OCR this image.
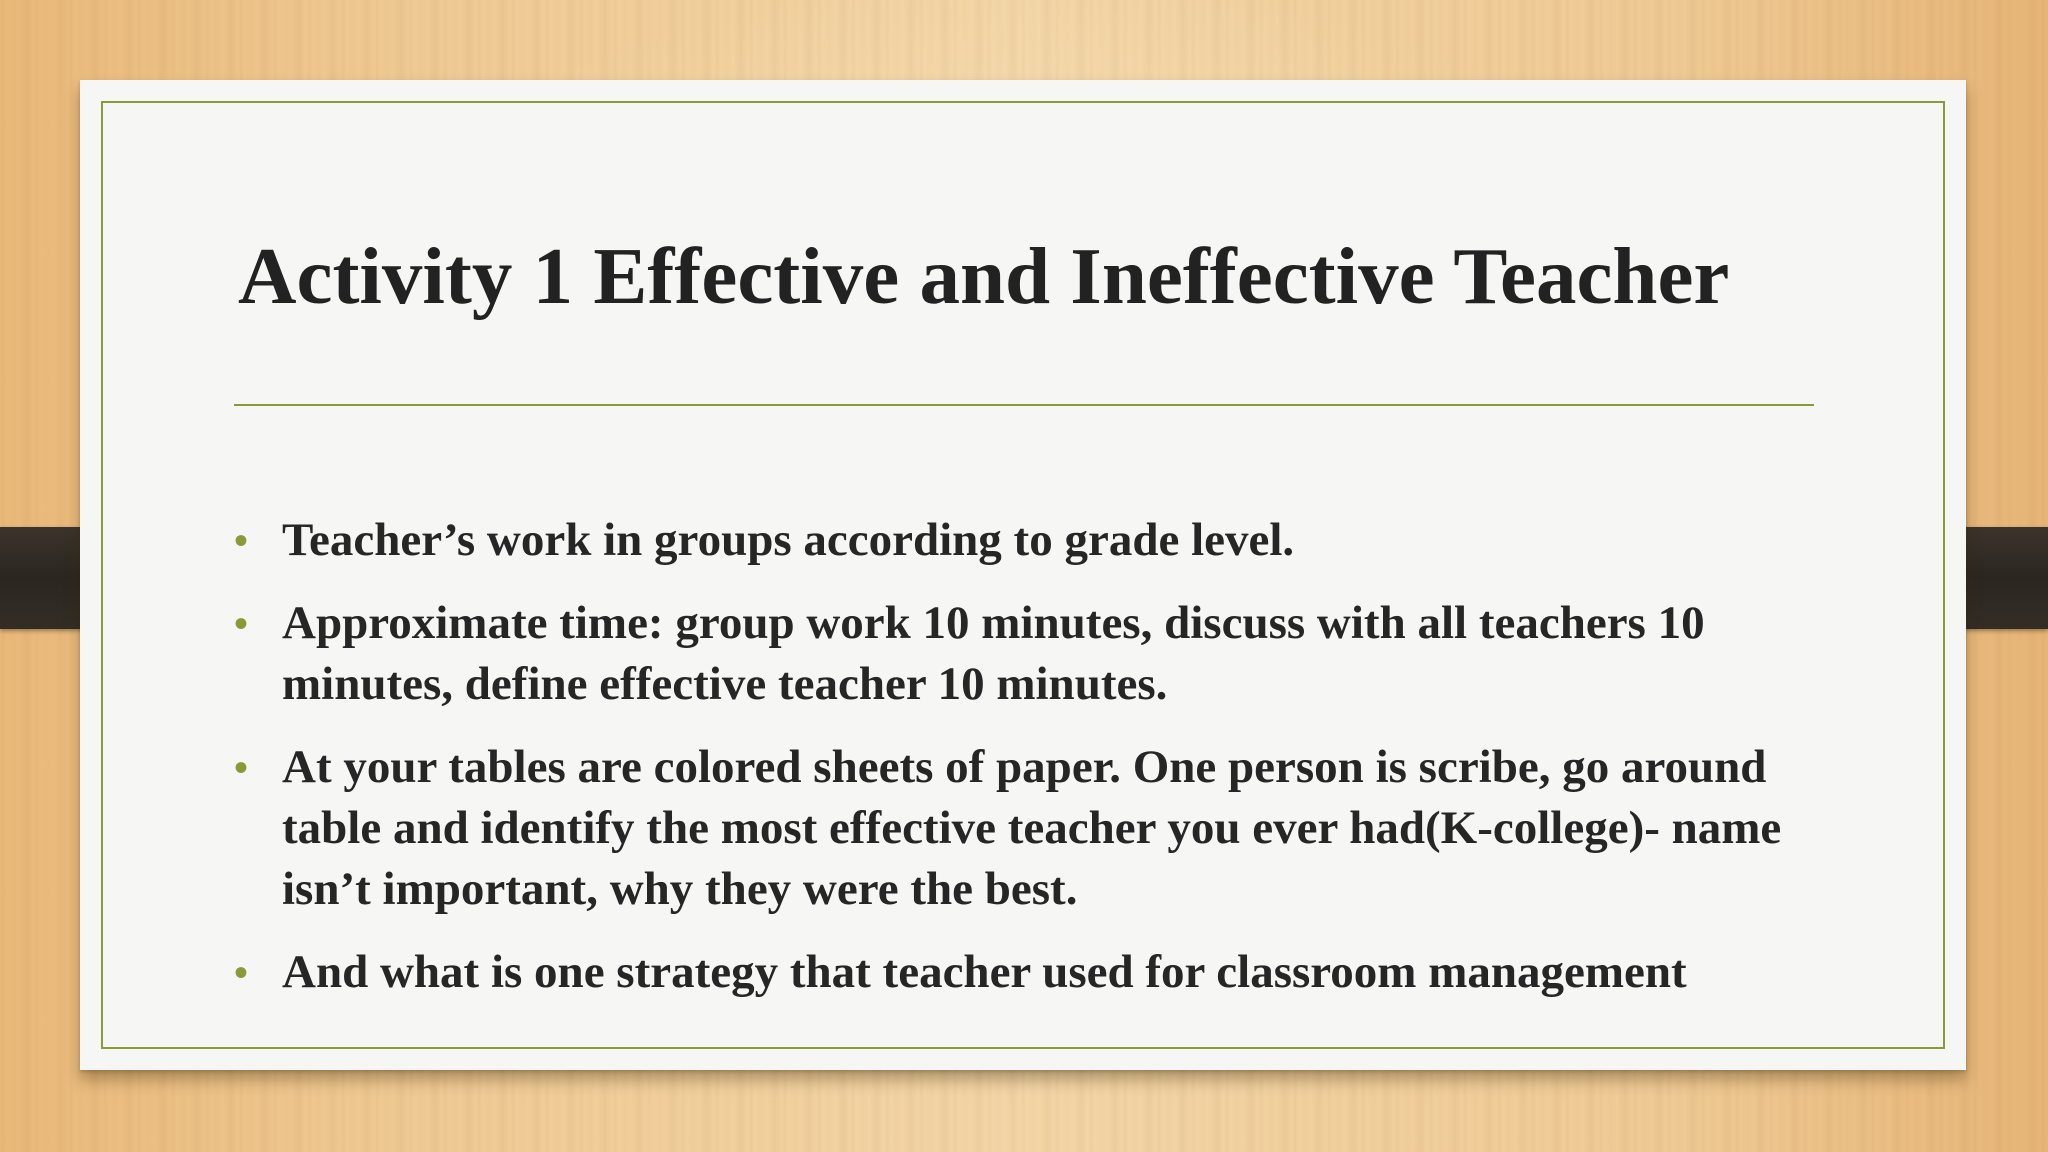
Activity 1 Effective and Ineffective Teacher
• Teacher’s work in groups according to grade level.
• Approximate time: group work 10 minutes, discuss with all teachers 10 minutes, define effective teacher 10 minutes.
• At your tables are colored sheets of paper. One person is scribe, go around table and identify the most effective teacher you ever had(K-college)- name isn’t important, why they were the best.
• And what is one strategy that teacher used for classroom management
